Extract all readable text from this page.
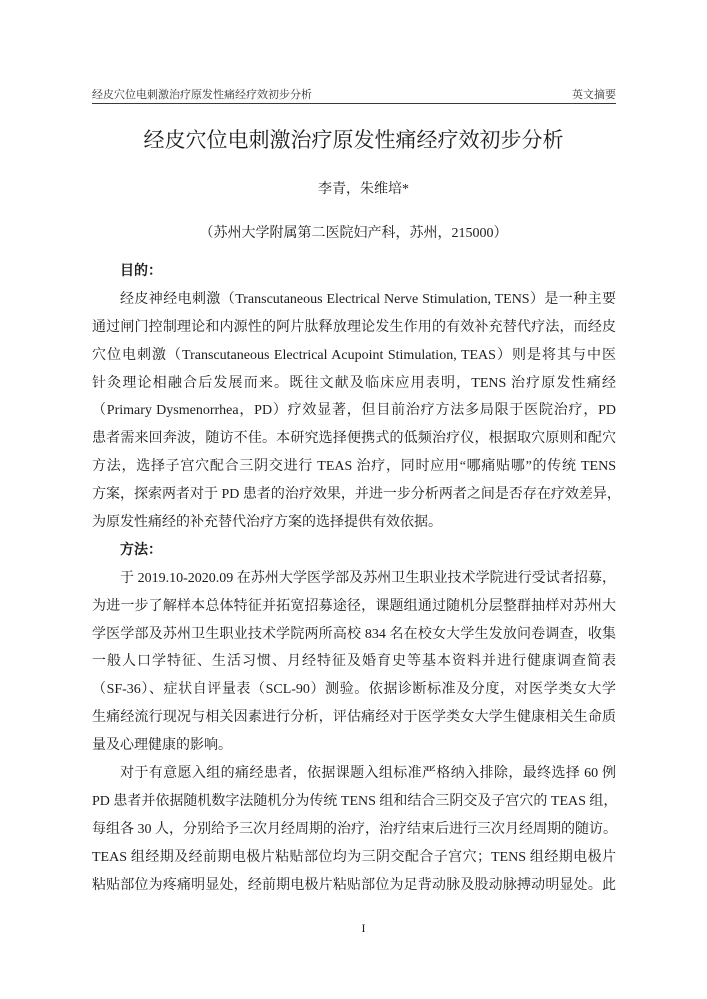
经皮穴位电刺激治疗原发性痛经疗效初步分析	英文摘要
经皮穴位电刺激治疗原发性痛经疗效初步分析
李青，朱维培*
（苏州大学附属第二医院妇产科，苏州，215000）
目的：
经皮神经电刺激（Transcutaneous Electrical Nerve Stimulation, TENS）是一种主要
通过闸门控制理论和内源性的阿片肽释放理论发生作用的有效补充替代疗法，而经皮
穴位电刺激（Transcutaneous Electrical Acupoint Stimulation, TEAS）则是将其与中医
针灸理论相融合后发展而来。既往文献及临床应用表明，TENS 治疗原发性痛经
（Primary Dysmenorrhea，PD）疗效显著，但目前治疗方法多局限于医院治疗，PD
患者需来回奔波，随访不佳。本研究选择便携式的低频治疗仪，根据取穴原则和配穴
方法，选择子宫穴配合三阴交进行 TEAS 治疗，同时应用“哪痛贴哪”的传统 TENS
方案，探索两者对于 PD 患者的治疗效果，并进一步分析两者之间是否存在疗效差异，
为原发性痛经的补充替代治疗方案的选择提供有效依据。
方法：
于 2019.10-2020.09 在苏州大学医学部及苏州卫生职业技术学院进行受试者招募，
为进一步了解样本总体特征并拓宽招募途径，课题组通过随机分层整群抽样对苏州大
学医学部及苏州卫生职业技术学院两所高校 834 名在校女大学生发放问卷调查，收集
一般人口学特征、生活习惯、月经特征及婚育史等基本资料并进行健康调查简表
（SF-36）、症状自评量表（SCL-90）测验。依据诊断标准及分度，对医学类女大学
生痛经流行现况与相关因素进行分析，评估痛经对于医学类女大学生健康相关生命质
量及心理健康的影响。
对于有意愿入组的痛经患者，依据课题入组标准严格纳入排除，最终选择 60 例
PD 患者并依据随机数字法随机分为传统 TENS 组和结合三阴交及子宫穴的 TEAS 组，
每组各 30 人，分别给予三次月经周期的治疗，治疗结束后进行三次月经周期的随访。
TEAS 组经期及经前期电极片粘贴部位均为三阴交配合子宫穴；TENS 组经期电极片
粘贴部位为疼痛明显处，经前期电极片粘贴部位为足背动脉及股动脉搏动明显处。此
I
